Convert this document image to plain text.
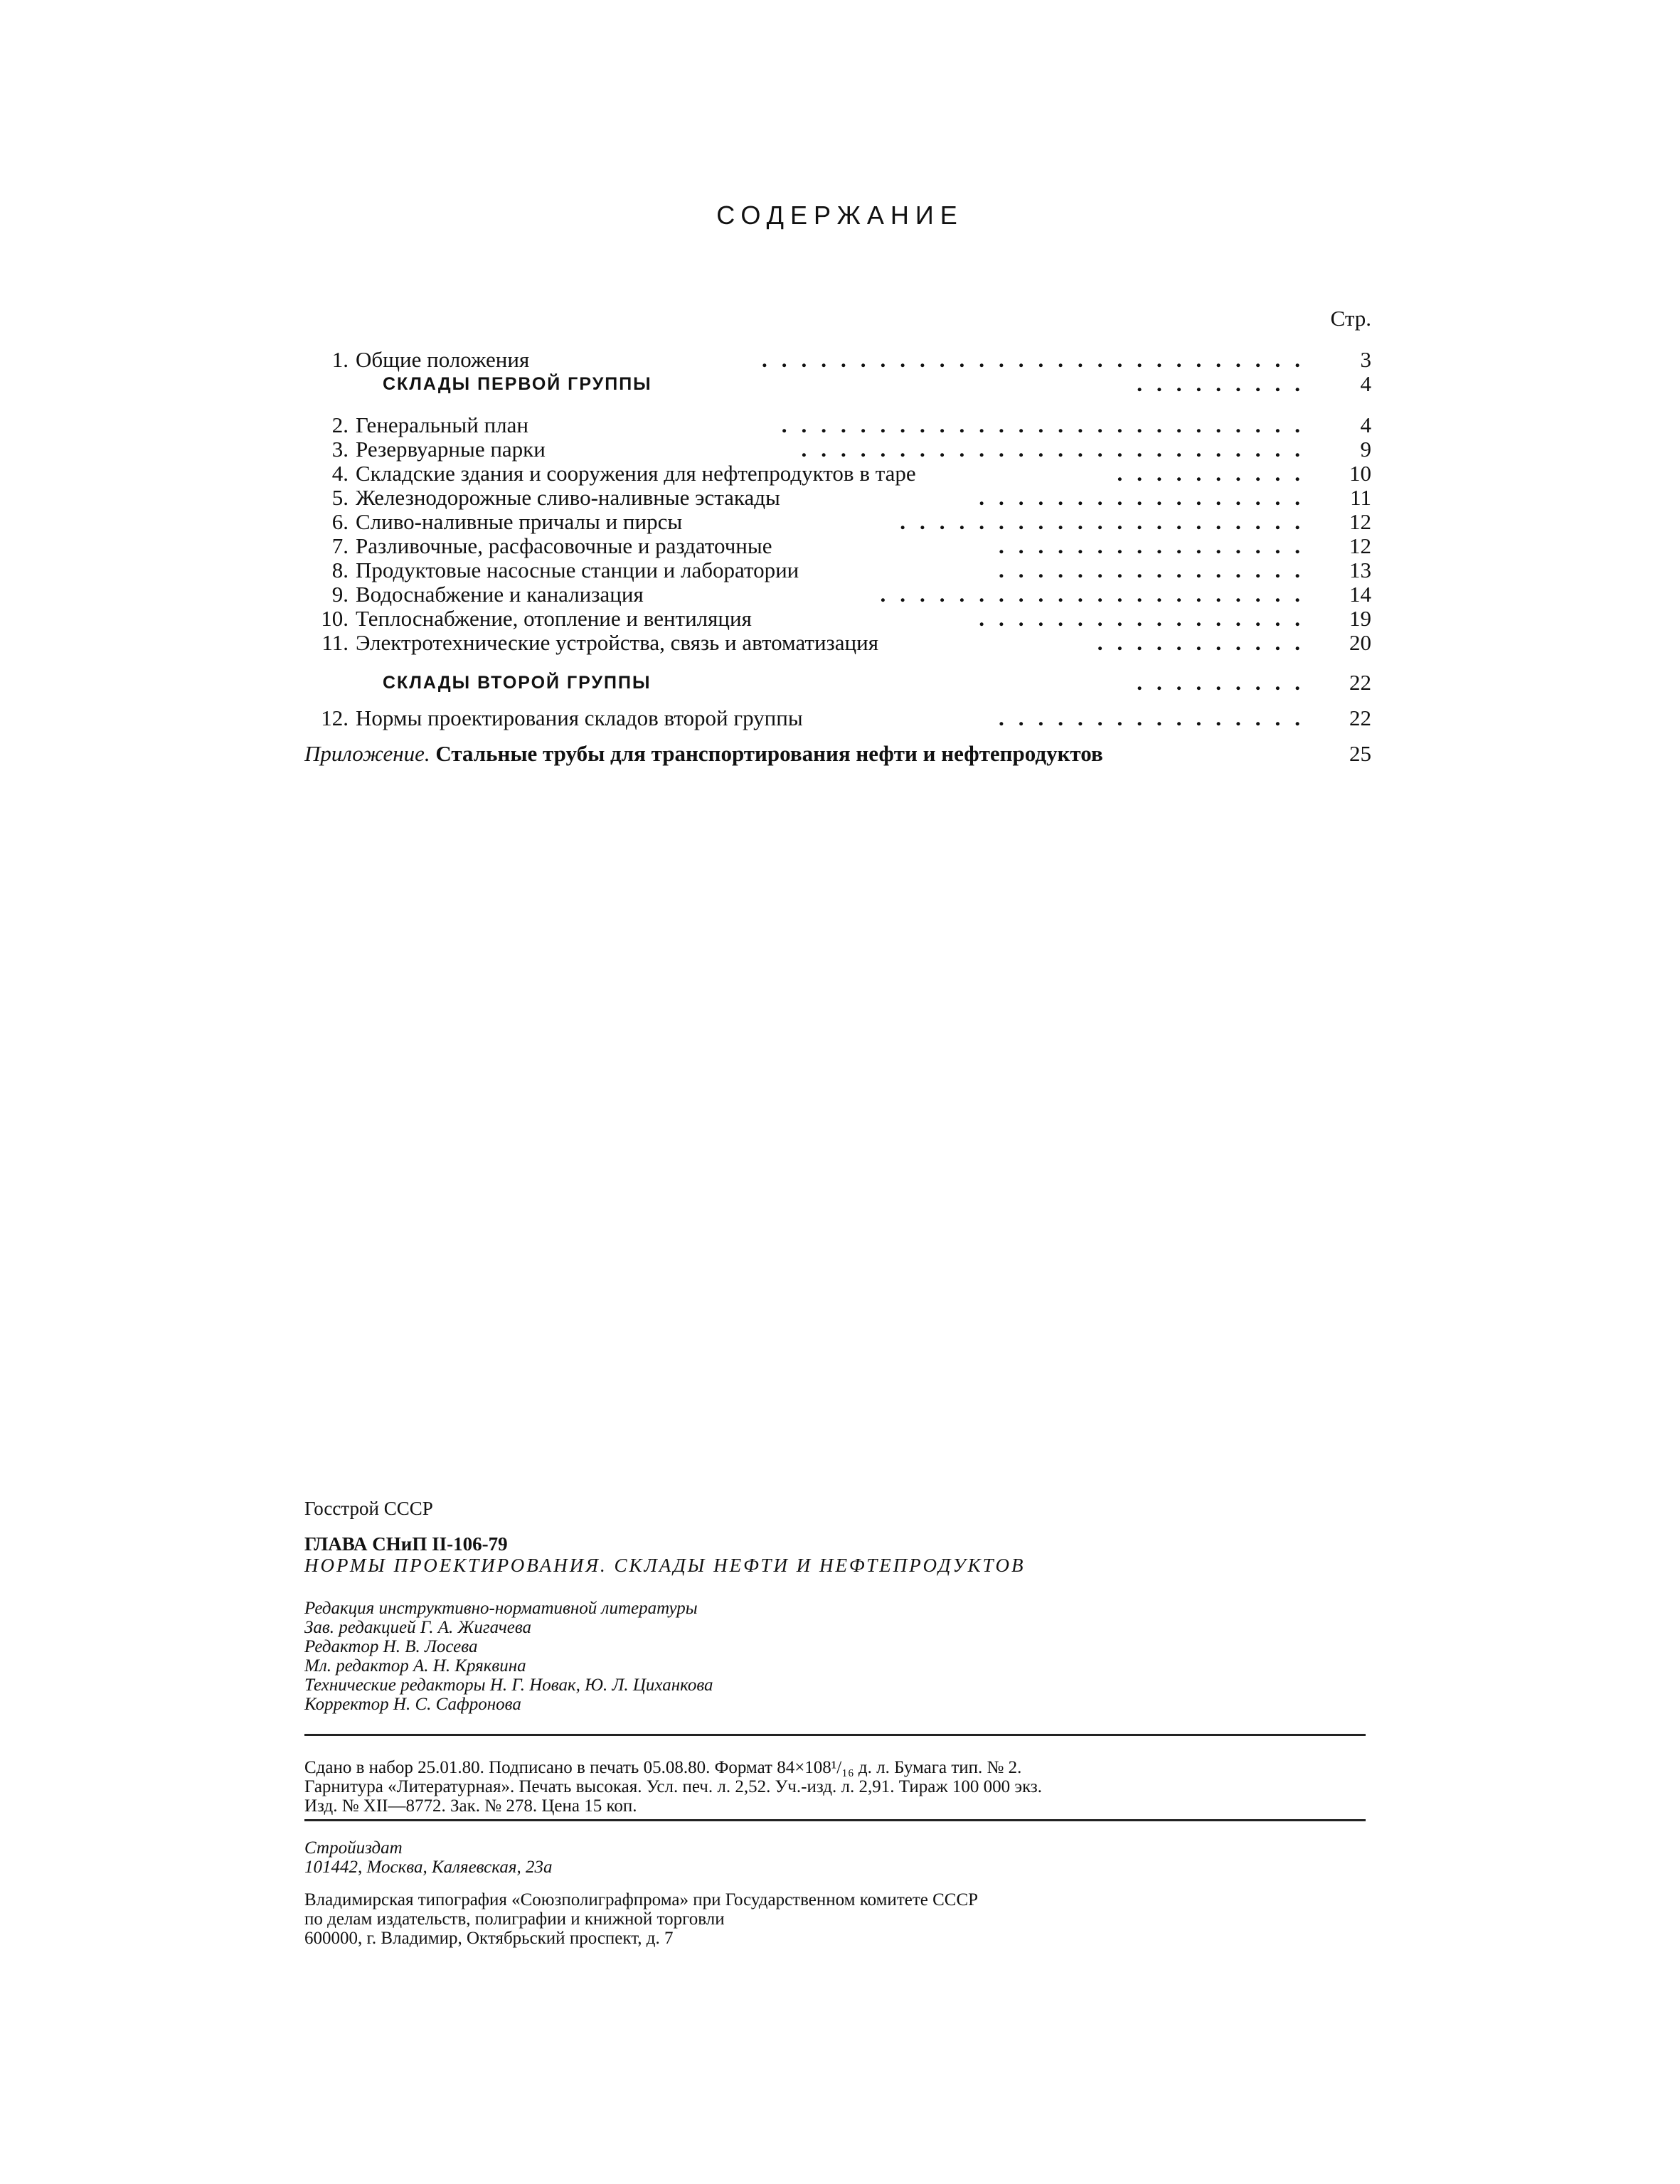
СОДЕРЖАНИЕ
Стр.
1. Общие положения	............................	3
СКЛАДЫ ПЕРВОЙ ГРУППЫ	.........	4
2. Генеральный план	...........................	4
3. Резервуарные парки	..........................	9
4. Складские здания и сооружения для нефтепродуктов в таре	..........	10
5. Железнодорожные сливо-наливные эстакады	.................	11
6. Сливо-наливные причалы и пирсы	.....................	12
7. Разливочные, расфасовочные и раздаточные	................	12
8. Продуктовые насосные станции и лаборатории	................	13
9. Водоснабжение и канализация	......................	14
10. Теплоснабжение, отопление и вентиляция	.................	19
11. Электротехнические устройства, связь и автоматизация	...........	20
СКЛАДЫ ВТОРОЙ ГРУППЫ	.........	22
12. Нормы проектирования складов второй группы	................	22
Приложение. Стальные трубы для транспортирования нефти и нефтепродуктов	25
Госстрой СССР
ГЛАВА СНиП II-106-79
НОРМЫ ПРОЕКТИРОВАНИЯ. СКЛАДЫ НЕФТИ И НЕФТЕПРОДУКТОВ
Редакция инструктивно-нормативной литературы
Зав. редакцией Г. А. Жигачева
Редактор Н. В. Лосева
Мл. редактор А. Н. Кряквина
Технические редакторы Н. Г. Новак, Ю. Л. Циханкова
Корректор Н. С. Сафронова
Сдано в набор 25.01.80. Подписано в печать 05.08.80. Формат 84×108¹/₁₆ д. л. Бумага тип. № 2.
Гарнитура «Литературная». Печать высокая. Усл. печ. л. 2,52. Уч.-изд. л. 2,91. Тираж 100 000 экз.
Изд. № XII—8772. Зак. № 278. Цена 15 коп.
Стройиздат
101442, Москва, Каляевская, 23а
Владимирская типография «Союзполиграфпрома» при Государственном комитете СССР
по делам издательств, полиграфии и книжной торговли
600000, г. Владимир, Октябрьский проспект, д. 7
